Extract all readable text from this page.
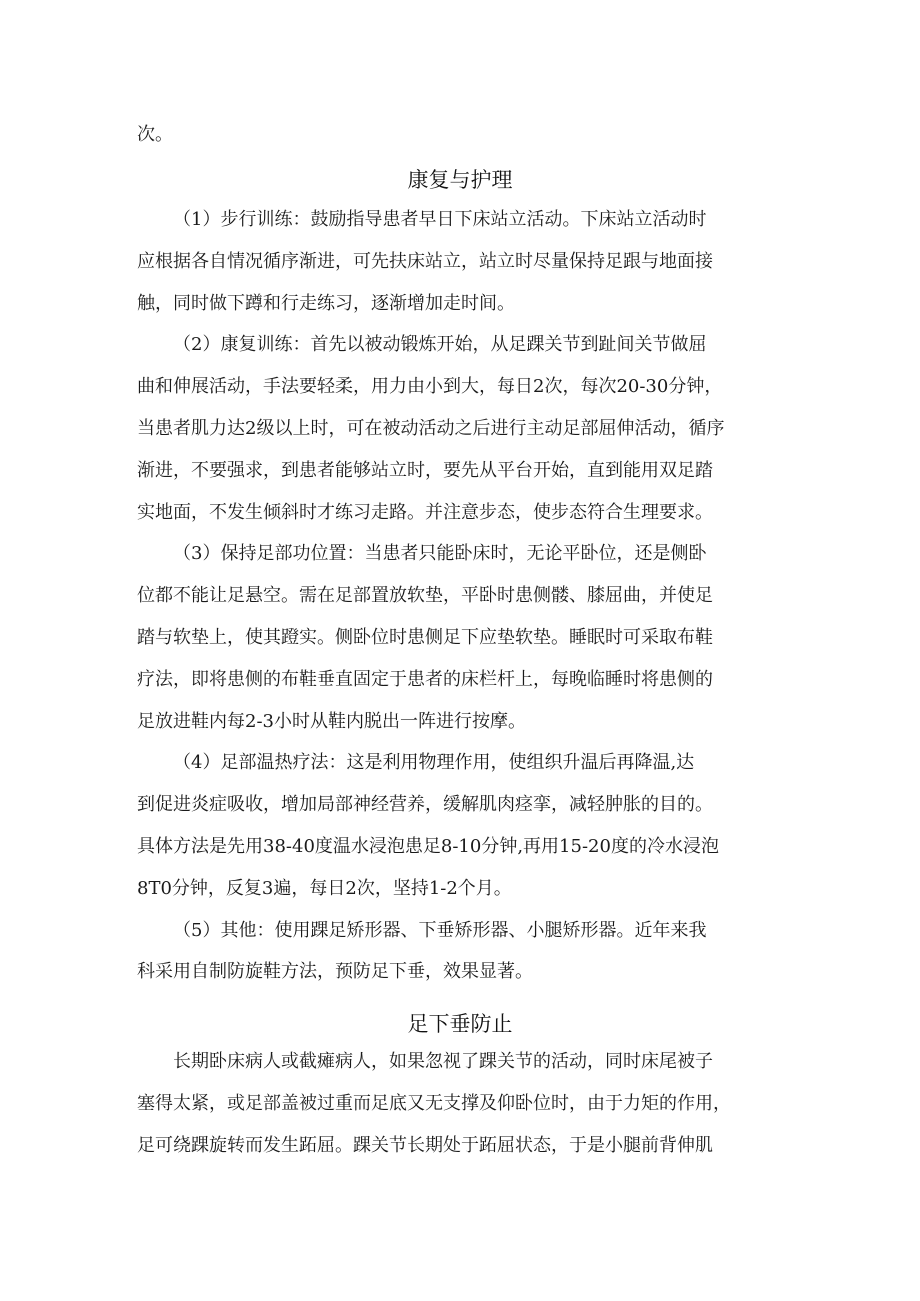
次。
康复与护理

（1）步行训练：鼓励指导患者早日下床站立活动。下床站立活动时
应根据各自情况循序渐进，可先扶床站立，站立时尽量保持足跟与地面接
触，同时做下蹲和行走练习，逐渐增加走时间。

（2）康复训练：首先以被动锻炼开始，从足踝关节到趾间关节做屈
曲和伸展活动，手法要轻柔，用力由小到大，每日2次，每次20-30分钟，
当患者肌力达2级以上时，可在被动活动之后进行主动足部屈伸活动，循序
渐进，不要强求，到患者能够站立时，要先从平台开始，直到能用双足踏
实地面，不发生倾斜时才练习走路。并注意步态，使步态符合生理要求。

（3）保持足部功位置：当患者只能卧床时，无论平卧位，还是侧卧
位都不能让足悬空。需在足部置放软垫，平卧时患侧髅、膝屈曲，并使足
踏与软垫上，使其蹬实。侧卧位时患侧足下应垫软垫。睡眠时可采取布鞋
疗法，即将患侧的布鞋垂直固定于患者的床栏杆上，每晚临睡时将患侧的
足放进鞋内每2-3小时从鞋内脱出一阵进行按摩。

（4）足部温热疗法：这是利用物理作用，使组织升温后再降温,达
到促进炎症吸收，增加局部神经营养，缓解肌肉痉挛，减轻肿胀的目的。
具体方法是先用38-40度温水浸泡患足8-10分钟,再用15-20度的冷水浸泡
8T0分钟，反复3遍，每日2次，坚持1-2个月。

（5）其他：使用踝足矫形器、下垂矫形器、小腿矫形器。近年来我
科采用自制防旋鞋方法，预防足下垂，效果显著。

足下垂防止

长期卧床病人或截瘫病人，如果忽视了踝关节的活动，同时床尾被子
塞得太紧，或足部盖被过重而足底又无支撑及仰卧位时，由于力矩的作用，
足可绕踝旋转而发生跖屈。踝关节长期处于跖屈状态，于是小腿前背伸肌
